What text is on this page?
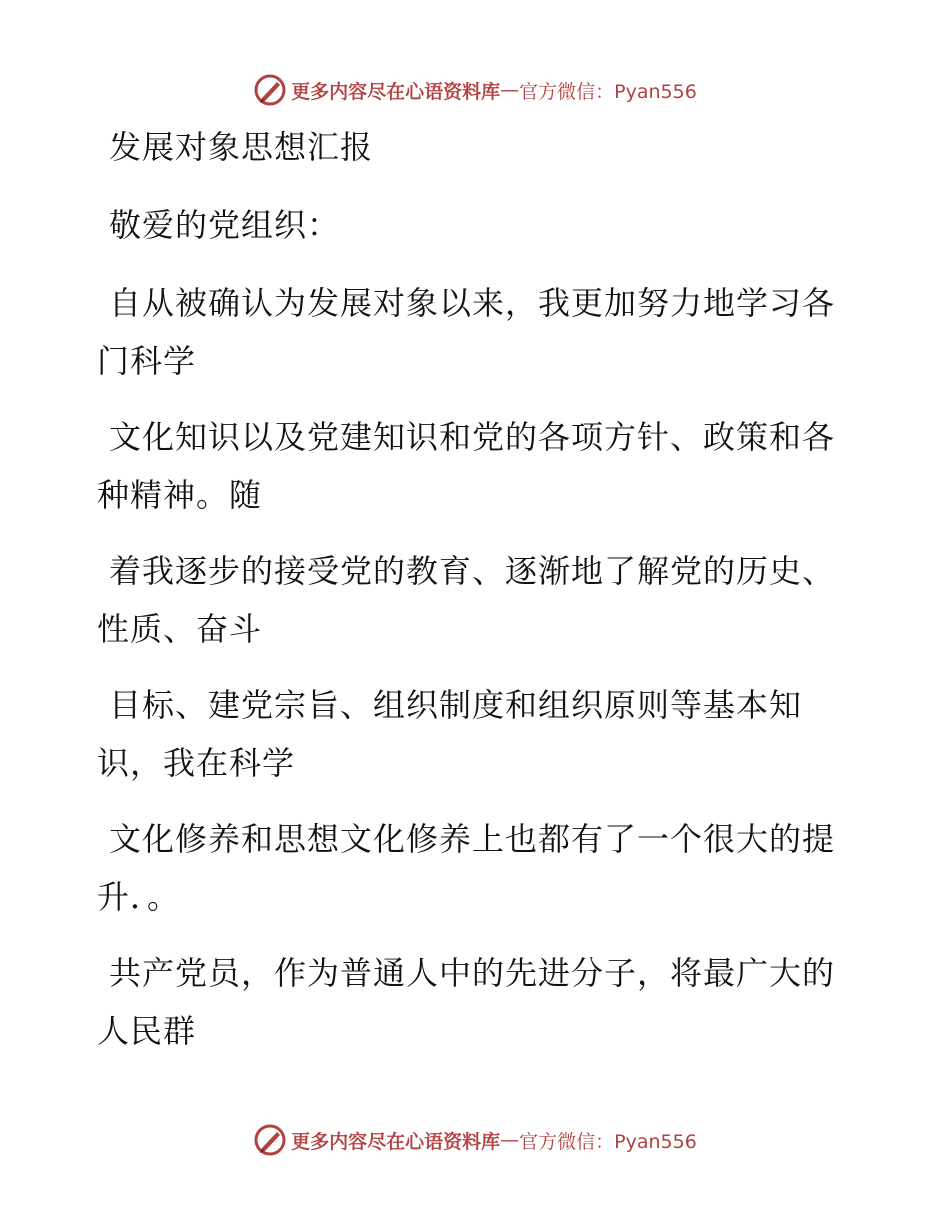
更多内容尽在心语资料库 — 官方微信：Pyan556

发展对象思想汇报

敬爱的党组织：

自从被确认为发展对象以来，我更加努力地学习各门科学

文化知识以及党建知识和党的各项方针、政策和各种精神。随

着我逐步的接受党的教育、逐渐地了解党的历史、性质、奋斗

目标、建党宗旨、组织制度和组织原则等基本知识，我在科学

文化修养和思想文化修养上也都有了一个很大的提升．。

共产党员，作为普通人中的先进分子，将最广大的人民群

更多内容尽在心语资料库 — 官方微信：Pyan556
